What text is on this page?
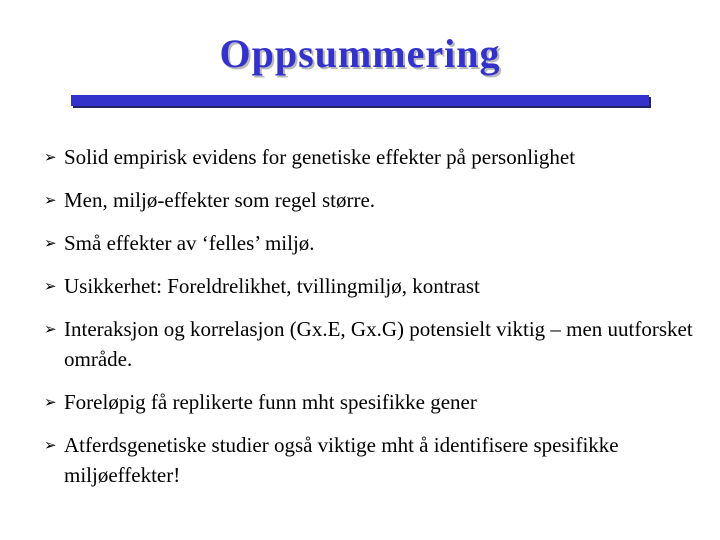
Oppsummering
➢ Solid empirisk evidens for genetiske effekter på personlighet
➢ Men, miljø-effekter som regel større.
➢ Små effekter av ‘felles’ miljø.
➢ Usikkerhet: Foreldrelikhet, tvillingmiljø, kontrast
➢ Interaksjon og korrelasjon (Gx.E, Gx.G) potensielt viktig – men uutforsket område.
➢ Foreløpig få replikerte funn mht spesifikke gener
➢ Atferdsgenetiske studier også viktige mht å identifisere spesifikke miljøeffekter!
